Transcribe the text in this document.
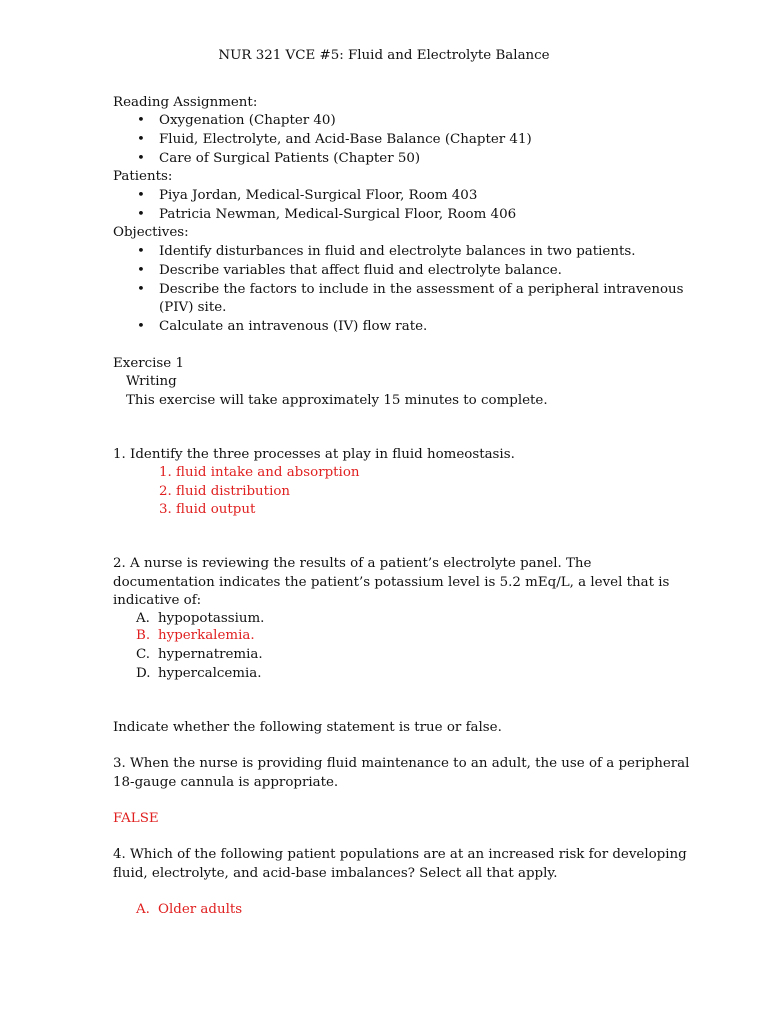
NUR 321 VCE #5: Fluid and Electrolyte Balance
Reading Assignment:
• Oxygenation (Chapter 40)
• Fluid, Electrolyte, and Acid-Base Balance (Chapter 41)
• Care of Surgical Patients (Chapter 50)
Patients:
• Piya Jordan, Medical-Surgical Floor, Room 403
• Patricia Newman, Medical-Surgical Floor, Room 406
Objectives:
• Identify disturbances in fluid and electrolyte balances in two patients.
• Describe variables that affect fluid and electrolyte balance.
• Describe the factors to include in the assessment of a peripheral intravenous
(PIV) site.
• Calculate an intravenous (IV) flow rate.
Exercise 1
Writing
This exercise will take approximately 15 minutes to complete.
1. Identify the three processes at play in fluid homeostasis.
1. fluid intake and absorption
2. fluid distribution
3. fluid output
2. A nurse is reviewing the results of a patient’s electrolyte panel. The
documentation indicates the patient’s potassium level is 5.2 mEq/L, a level that is
indicative of:
A. hypopotassium.
B. hyperkalemia.
C. hypernatremia.
D. hypercalcemia.
Indicate whether the following statement is true or false.
3. When the nurse is providing fluid maintenance to an adult, the use of a peripheral
18-gauge cannula is appropriate.
FALSE
4. Which of the following patient populations are at an increased risk for developing
fluid, electrolyte, and acid-base imbalances? Select all that apply.
A. Older adults
